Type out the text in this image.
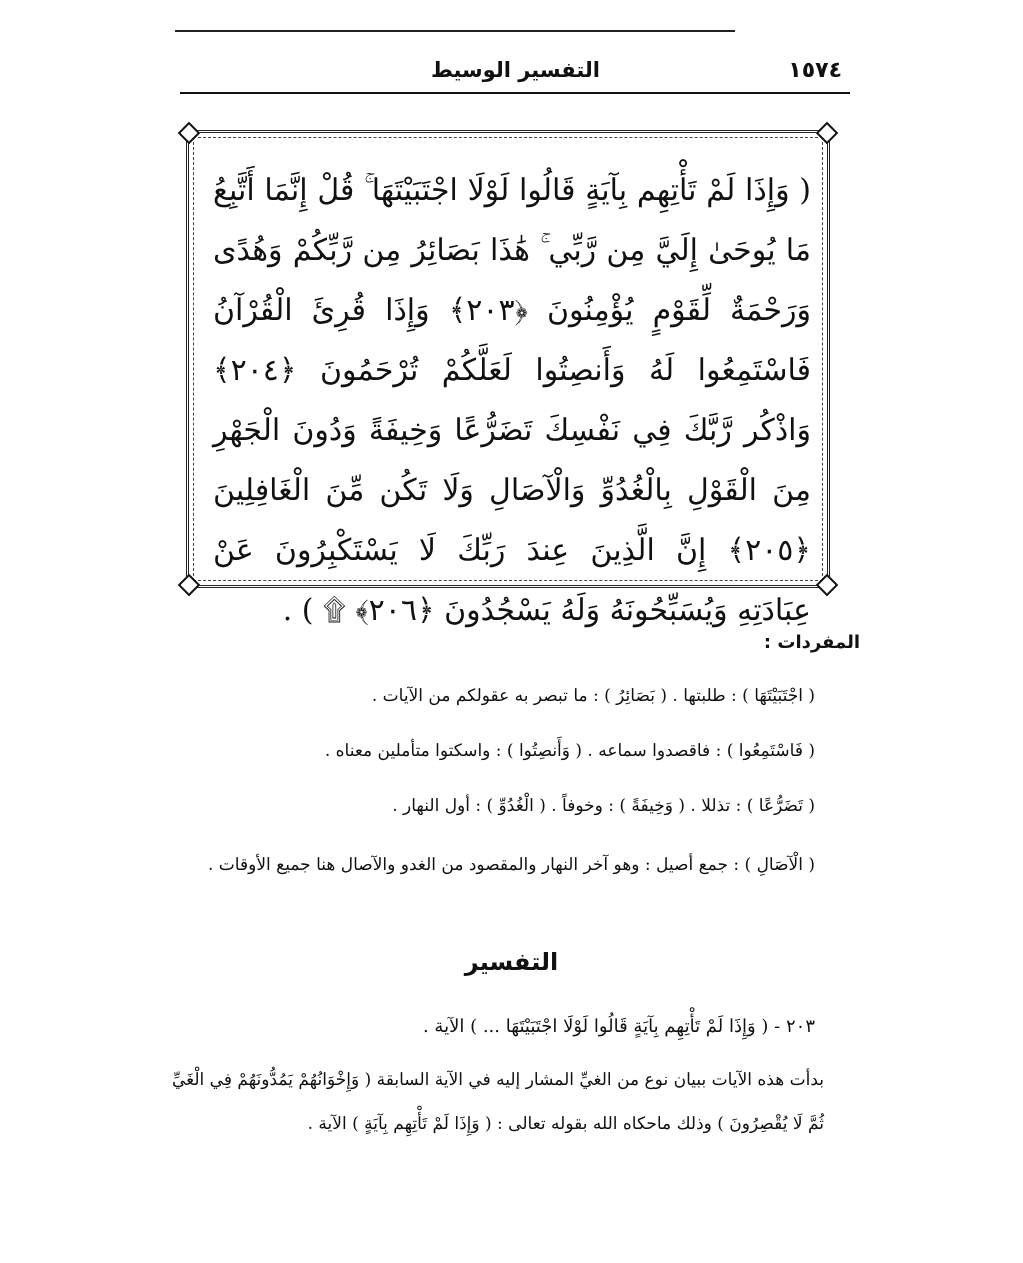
١٥٧٤
التفسير الوسيط
( وَإِذَا لَمْ تَأْتِهِم بِآيَةٍ قَالُوا لَوْلَا اجْتَبَيْتَهَا ۚ قُلْ إِنَّمَا أَتَّبِعُ مَا يُوحَىٰ إِلَيَّ مِن رَّبِّي ۚ هَٰذَا بَصَائِرُ مِن رَّبِّكُمْ وَهُدًى وَرَحْمَةٌ لِّقَوْمٍ يُؤْمِنُونَ ﴿٢٠٣﴾ وَإِذَا قُرِئَ الْقُرْآنُ فَاسْتَمِعُوا لَهُ وَأَنصِتُوا لَعَلَّكُمْ تُرْحَمُونَ ﴿٢٠٤﴾ وَاذْكُر رَّبَّكَ فِي نَفْسِكَ تَضَرُّعًا وَخِيفَةً وَدُونَ الْجَهْرِ مِنَ الْقَوْلِ بِالْغُدُوِّ وَالْآصَالِ وَلَا تَكُن مِّنَ الْغَافِلِينَ ﴿٢٠٥﴾ إِنَّ الَّذِينَ عِندَ رَبِّكَ لَا يَسْتَكْبِرُونَ عَنْ عِبَادَتِهِ وَيُسَبِّحُونَهُ وَلَهُ يَسْجُدُونَ ﴿٢٠٦﴾ ۩ ) .
المفردات :
( اجْتَبَيْتَهَا ) : طلبتها . ( بَصَائِرُ ) : ما تبصر به عقولكم من الآيات .
( فَاسْتَمِعُوا ) : فاقصدوا سماعه . ( وَأَنصِتُوا ) : واسكتوا متأملين معناه .
( تَضَرُّعًا ) : تذللا . ( وَخِيفَةً ) : وخوفاً . ( الْغُدُوِّ ) : أول النهار .
( الْآصَالِ ) : جمع أصيل : وهو آخر النهار والمقصود من الغدو والآصال هنا جميع الأوقات .
التفسير
٢٠٣ - ( وَإِذَا لَمْ تَأْتِهِم بِآيَةٍ قَالُوا لَوْلَا اجْتَبَيْتَهَا ... ) الآية .
بدأت هذه الآيات ببيان نوع من الغيِّ المشار إليه في الآية السابقة ( وَإِخْوَانُهُمْ يَمُدُّونَهُمْ فِي الْغَيِّ ثُمَّ لَا يُقْصِرُونَ ) وذلك ماحكاه الله بقوله تعالى : ( وَإِذَا لَمْ تَأْتِهِم بِآيَةٍ ) الآية .
